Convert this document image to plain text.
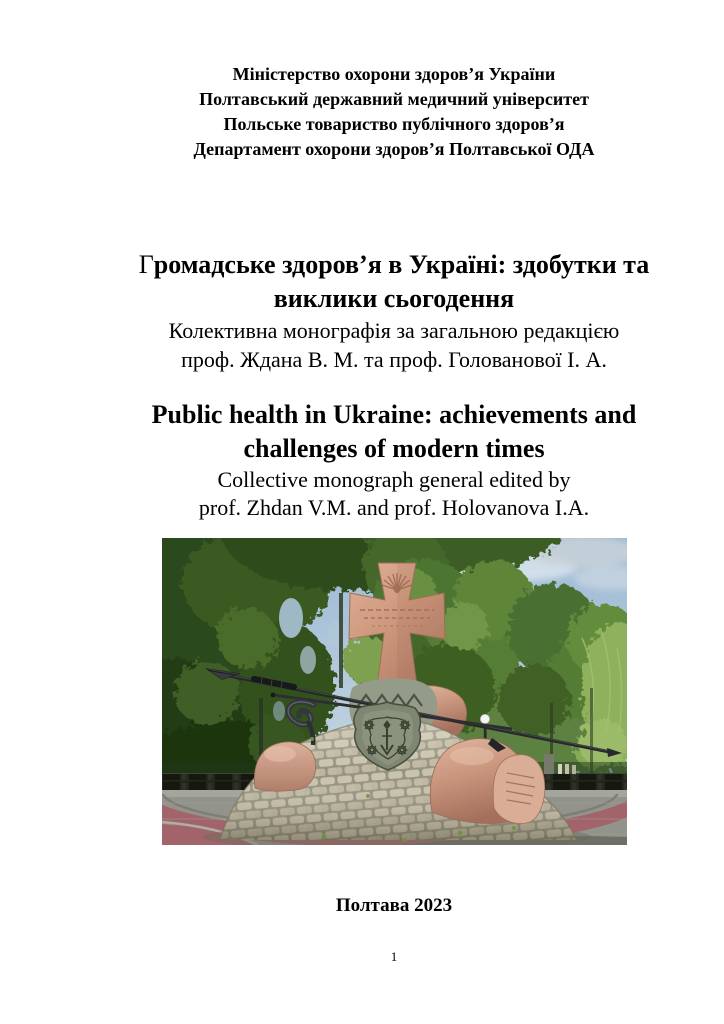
Міністерство охорони здоров’я України
Полтавський державний медичний університет
Польське товариство публічного здоров’я
Департамент охорони здоров’я Полтавської ОДА
Громадське здоров’я в Україні: здобутки та
виклики сьогодення
Колективна монографія за загальною редакцією
проф. Ждана В. М. та проф. Голованової І. А.
Public health in Ukraine: achievements and
challenges of modern times
Collective monograph general edited by
prof. Zhdan V.M. and prof. Holovanova I.A.
Полтава 2023
1
